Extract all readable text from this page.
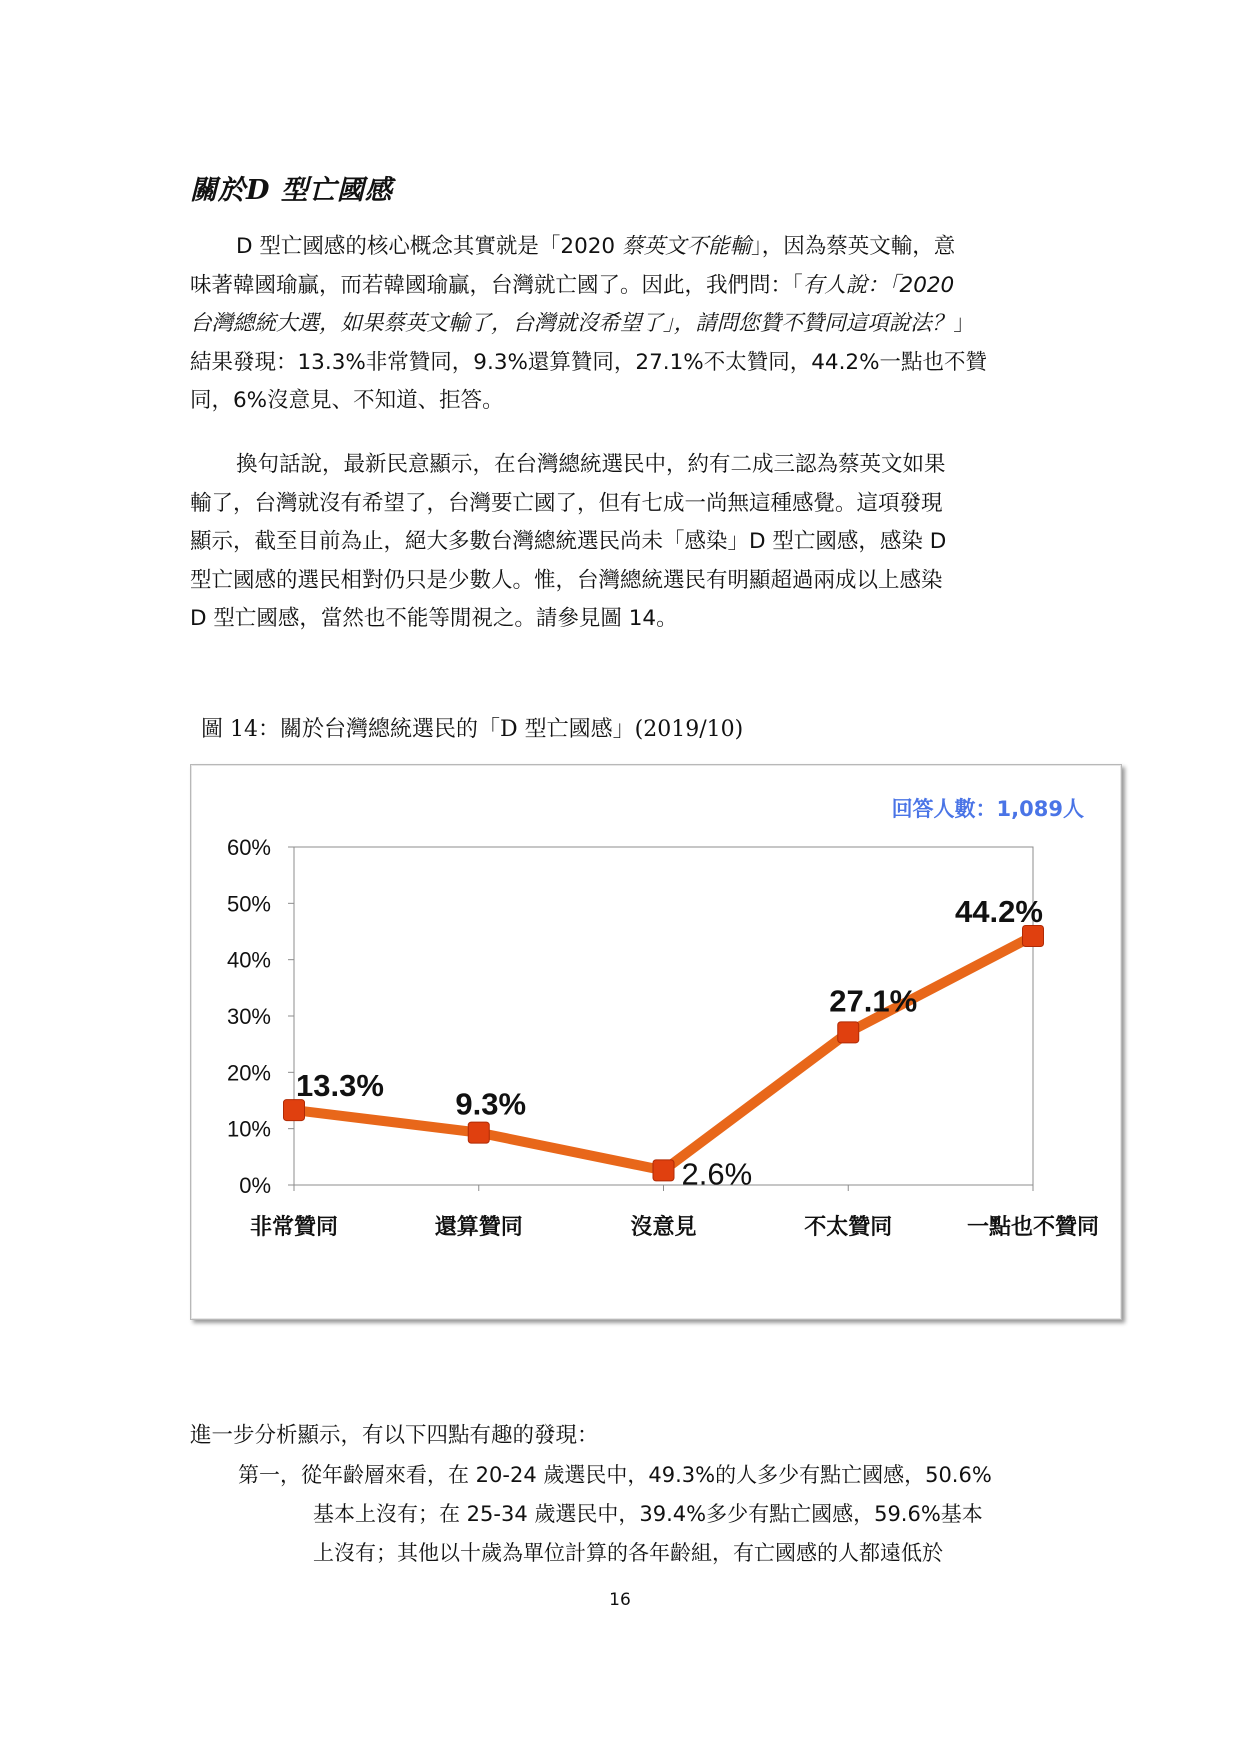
關於D 型亡國感
D 型亡國感的核心概念其實就是「2020 蔡英文不能輸」，因為蔡英文輸，意
味著韓國瑜贏，而若韓國瑜贏，台灣就亡國了。因此，我們問：「有人說：「2020
台灣總統大選，如果蔡英文輸了，台灣就沒希望了」，請問您贊不贊同這項說法？」
結果發現：13.3%非常贊同，9.3%還算贊同，27.1%不太贊同，44.2%一點也不贊
同，6%沒意見、不知道、拒答。
換句話說，最新民意顯示，在台灣總統選民中，約有二成三認為蔡英文如果
輸了，台灣就沒有希望了，台灣要亡國了，但有七成一尚無這種感覺。這項發現
顯示，截至目前為止，絕大多數台灣總統選民尚未「感染」D 型亡國感，感染 D
型亡國感的選民相對仍只是少數人。惟，台灣總統選民有明顯超過兩成以上感染
D 型亡國感，當然也不能等閒視之。請參見圖 14。
圖 14：關於台灣總統選民的「D 型亡國感」(2019/10)
0%
10%
20%
30%
40%
50%
60%
非常贊同	還算贊同	沒意見	不太贊同	一點也不贊同
13.3%
9.3%
2.6%
27.1%
44.2%
回答人數：1,089人
進一步分析顯示，有以下四點有趣的發現：
第一，從年齡層來看，在 20-24 歲選民中，49.3%的人多少有點亡國感，50.6%
基本上沒有；在 25-34 歲選民中，39.4%多少有點亡國感，59.6%基本
上沒有；其他以十歲為單位計算的各年齡組，有亡國感的人都遠低於
16
